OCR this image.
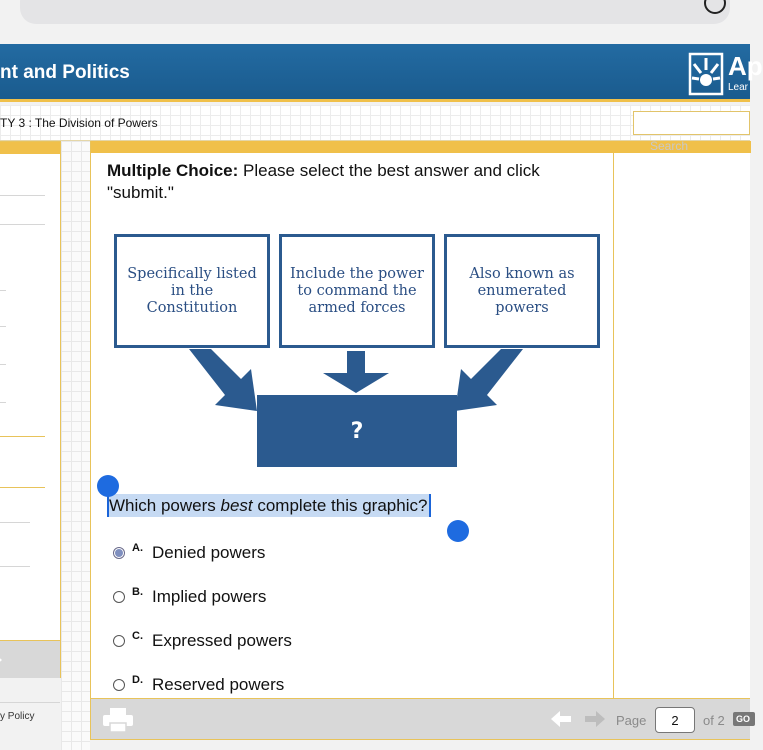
nt and Politics	Ap
Lear
TY 3 : The Division of Powers
y Policy
Search
Multiple Choice: Please select the best answer and click "submit."
Specifically listed in the Constitution
Include the power to command the armed forces
Also known as enumerated powers
?
Which powers best complete this graphic?
A. Denied powers
B. Implied powers
C. Expressed powers
D. Reserved powers
Page
2	of 2	GO
